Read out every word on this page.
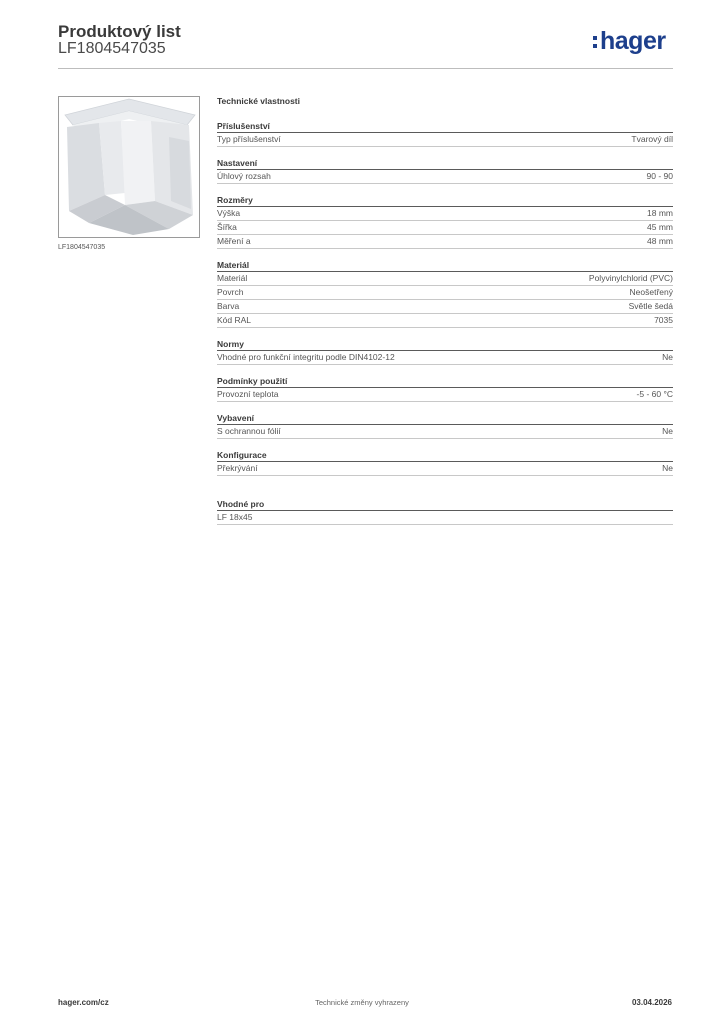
Produktový list
LF1804547035	hager
LF1804547035
Technické vlastnosti
Příslušenství
Typ příslušenství	Tvarový díl
Nastavení
Úhlový rozsah	90 - 90
Rozměry
Výška	18 mm
Šířka	45 mm
Měření a	48 mm
Materiál
Materiál	Polyvinylchlorid (PVC)
Povrch	Neošetřený
Barva	Světle šedá
Kód RAL	7035
Normy
Vhodné pro funkční integritu podle DIN4102-12	Ne
Podmínky použití
Provozní teplota	-5 - 60 °C
Vybavení
S ochrannou fólií	Ne
Konfigurace
Překrývání	Ne
Vhodné pro
LF 18x45
hager.com/cz	Technické změny vyhrazeny	03.04.2026
